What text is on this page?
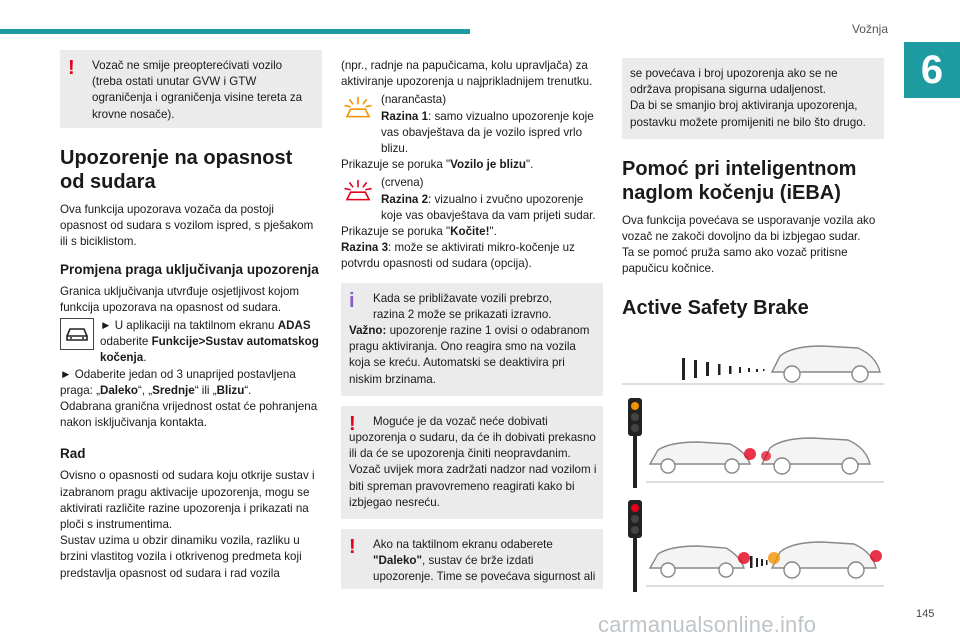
Vožnja
6
!	Vozač ne smije preopterećivati vozilo

(treba ostati unutar GVW i GTW ograničenja i ograničenja visine tereta za krovne nosače).

Upozorenje na opasnost od sudara

Ova funkcija upozorava vozača da postoji opasnost od sudara s vozilom ispred, s pješakom ili s biciklistom.

Promjena praga uključivanja upozorenja

Granica uključivanja utvrđuje osjetljivost kojom funkcija upozorava na opasnost od sudara.

► U aplikaciji na taktilnom ekranu ADAS odaberite Funkcije>Sustav automatskog kočenja.

► Odaberite jedan od 3 unaprijed postavljena praga: „Daleko“, „Srednje“ ili „Blizu“.

Odabrana granična vrijednost ostat će pohranjena nakon isključivanja kontakta.

Rad

Ovisno o opasnosti od sudara koju otkrije sustav i izabranom pragu aktivacije upozorenja, mogu se aktivirati različite razine upozorenja i prikazati na ploči s instrumentima.

Sustav uzima u obzir dinamiku vozila, razliku u brzini vlastitog vozila i otkrivenog predmeta koji predstavlja opasnost od sudara i rad vozila

(npr., radnje na papučicama, kolu upravljača) za aktiviranje upozorenja u najprikladnijem trenutku.

(narančasta)

Razina 1: samo vizualno upozorenje koje vas obavještava da je vozilo ispred vrlo blizu.

Prikazuje se poruka "Vozilo je blizu".

(crvena)

Razina 2: vizualno i zvučno upozorenje koje vas obavještava da vam prijeti sudar.

Prikazuje se poruka "Kočite!".

Razina 3: može se aktivirati mikro-kočenje uz potvrdu opasnosti od sudara (opcija).

i	Kada se približavate vozili prebrzo,

razina 2 može se prikazati izravno.

Važno: upozorenje razine 1 ovisi o odabranom pragu aktiviranja. Ono reagira smo na vozila koja se kreću. Automatski se deaktivira pri niskim brzinama.

!	Moguće je da vozač neće dobivati

upozorenja o sudaru, da će ih dobivati prekasno ili da će se upozorenja činiti neopravdanim.

Vozač uvijek mora zadržati nadzor nad vozilom i biti spreman pravovremeno reagirati kako bi izbjegao nesreću.

!	Ako na taktilnom ekranu odaberete "Daleko", sustav će brže izdati upozorenje. Time se povećava sigurnost ali

se povećava i broj upozorenja ako se ne održava propisana sigurna udaljenost.

Da bi se smanjio broj aktiviranja upozorenja, postavku možete promijeniti ne bilo što drugo.

Pomoć pri inteligentnom naglom kočenju (iEBA)

Ova funkcija povećava se usporavanje vozila ako vozač ne zakoči dovoljno da bi izbjegao sudar.

Ta se pomoć pruža samo ako vozač pritisne papučicu kočnice.

Active Safety Brake
carmanualsonline.info	145
